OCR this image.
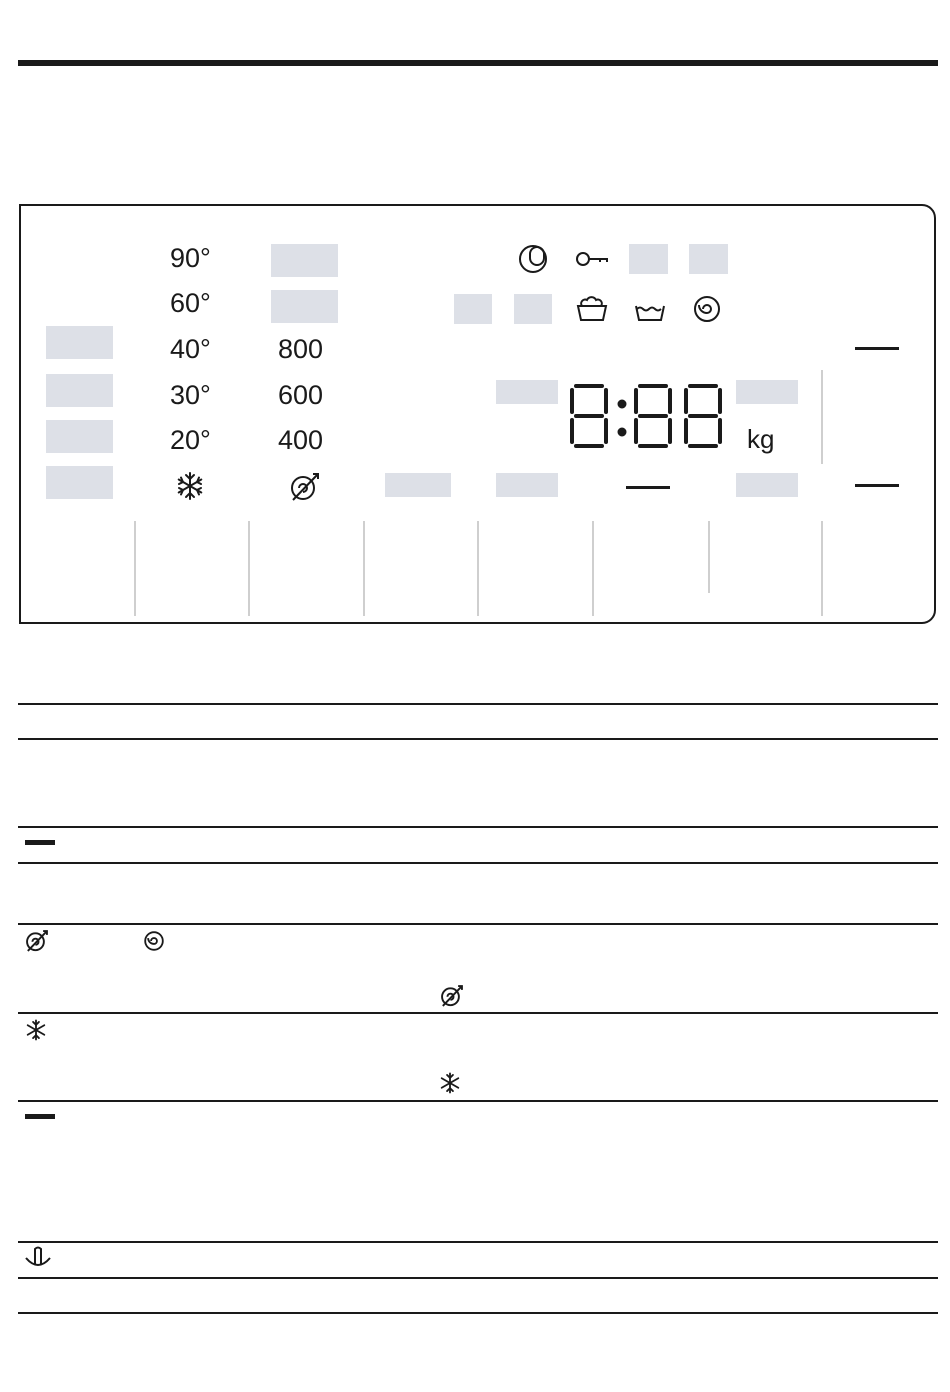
90°
60°
40°
30°
20°
800
600
400	kg
